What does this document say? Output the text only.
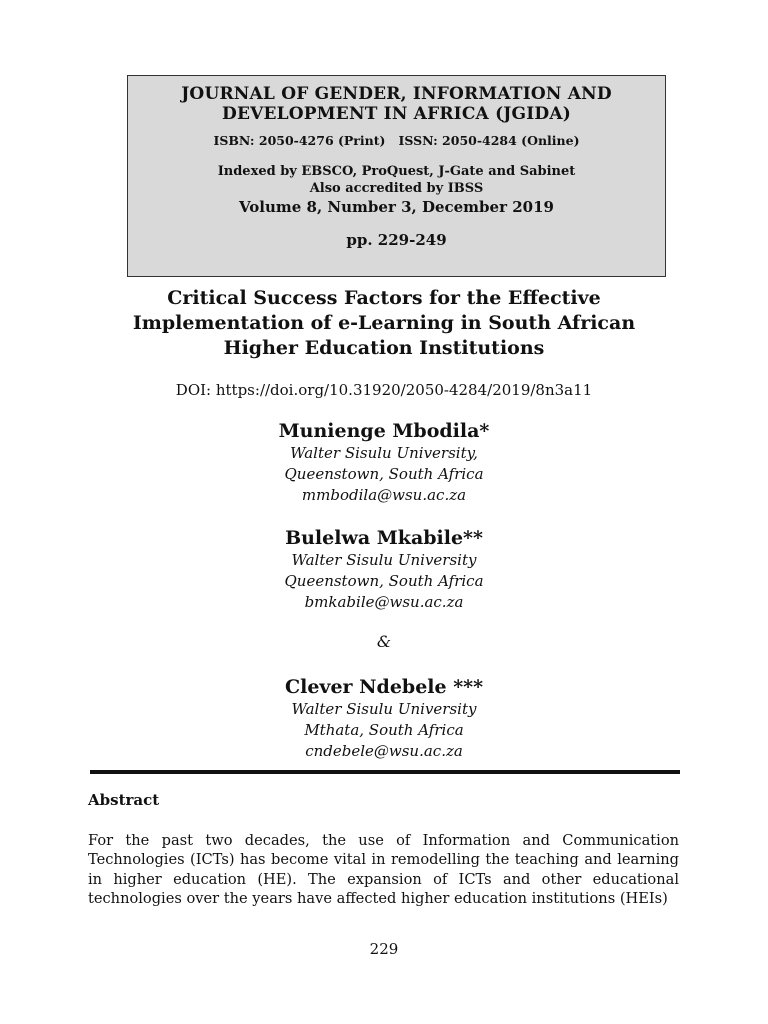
JOURNAL OF GENDER, INFORMATION AND
DEVELOPMENT IN AFRICA (JGIDA)
ISBN: 2050-4276 (Print)   ISSN: 2050-4284 (Online)
Indexed by EBSCO, ProQuest, J-Gate and Sabinet
Also accredited by IBSS
Volume 8, Number 3, December 2019
pp. 229-249
Critical Success Factors for the Effective
Implementation of e-Learning in South African
Higher Education Institutions
DOI: https://doi.org/10.31920/2050-4284/2019/8n3a11
Munienge Mbodila*
Walter Sisulu University,
Queenstown, South Africa
mmbodila@wsu.ac.za
Bulelwa Mkabile**
Walter Sisulu University
Queenstown, South Africa
bmkabile@wsu.ac.za
&
Clever Ndebele ***
Walter Sisulu University
Mthata, South Africa
cndebele@wsu.ac.za
Abstract

For the past two decades, the use of Information and Communication Technologies (ICTs) has become vital in remodelling the teaching and learning in higher education (HE). The expansion of ICTs and other educational technologies over the years have affected higher education institutions (HEIs)

229
